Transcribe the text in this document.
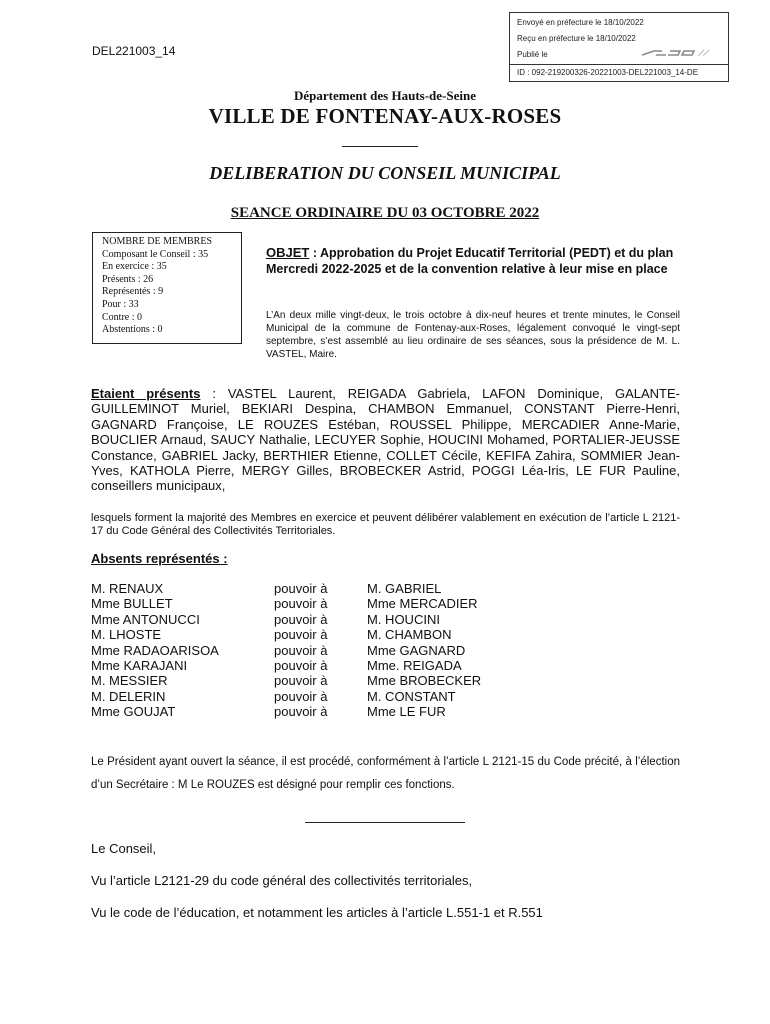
Envoyé en préfecture le 18/10/2022
Reçu en préfecture le 18/10/2022
Publié le
ID : 092-219200326-20221003-DEL221003_14-DE
DEL221003_14
Département des Hauts-de-Seine
VILLE DE FONTENAY-AUX-ROSES
DELIBERATION DU CONSEIL MUNICIPAL
SEANCE ORDINAIRE DU 03 OCTOBRE 2022
NOMBRE DE MEMBRES
Composant le Conseil : 35
En exercice : 35
Présents : 26
Représentés : 9
Pour : 33
Contre : 0
Abstentions : 0
OBJET : Approbation du Projet Educatif Territorial (PEDT) et du plan Mercredi 2022-2025 et de la convention relative à leur mise en place
L’An deux mille vingt-deux, le trois octobre à dix-neuf heures et trente minutes, le Conseil Municipal de la commune de Fontenay-aux-Roses, légalement convoqué le vingt-sept septembre, s’est assemblé au lieu ordinaire de ses séances, sous la présidence de M. L. VASTEL, Maire.
Etaient présents : VASTEL Laurent, REIGADA Gabriela, LAFON Dominique, GALANTE-GUILLEMINOT Muriel, BEKIARI Despina, CHAMBON Emmanuel, CONSTANT Pierre-Henri, GAGNARD Françoise, LE ROUZES Estéban, ROUSSEL Philippe, MERCADIER Anne-Marie, BOUCLIER Arnaud, SAUCY Nathalie, LECUYER Sophie, HOUCINI Mohamed, PORTALIER-JEUSSE Constance, GABRIEL Jacky, BERTHIER Etienne, COLLET Cécile, KEFIFA Zahira, SOMMIER Jean-Yves, KATHOLA Pierre, MERGY Gilles, BROBECKER Astrid, POGGI Léa-Iris, LE FUR Pauline, conseillers municipaux,
lesquels forment la majorité des Membres en exercice et peuvent délibérer valablement en exécution de l’article L 2121-17 du Code Général des Collectivités Territoriales.
Absents représentés :
M. RENAUX	pouvoir à	M. GABRIEL
Mme BULLET	pouvoir à	Mme MERCADIER
Mme ANTONUCCI	pouvoir à	M. HOUCINI
M. LHOSTE	pouvoir à	M. CHAMBON
Mme RADAOARISOA	pouvoir à	Mme GAGNARD
Mme KARAJANI	pouvoir à	Mme. REIGADA
M. MESSIER	pouvoir à	Mme BROBECKER
M. DELERIN	pouvoir à	M. CONSTANT
Mme GOUJAT	pouvoir à	Mme LE FUR
Le Président ayant ouvert la séance, il est procédé, conformément à l’article L 2121-15 du Code précité, à l’élection d’un Secrétaire : M Le ROUZES est désigné pour remplir ces fonctions.
Le Conseil,
Vu l’article L2121-29 du code général des collectivités territoriales,
Vu le code de l’éducation, et notamment les articles à l’article L.551-1 et R.551
